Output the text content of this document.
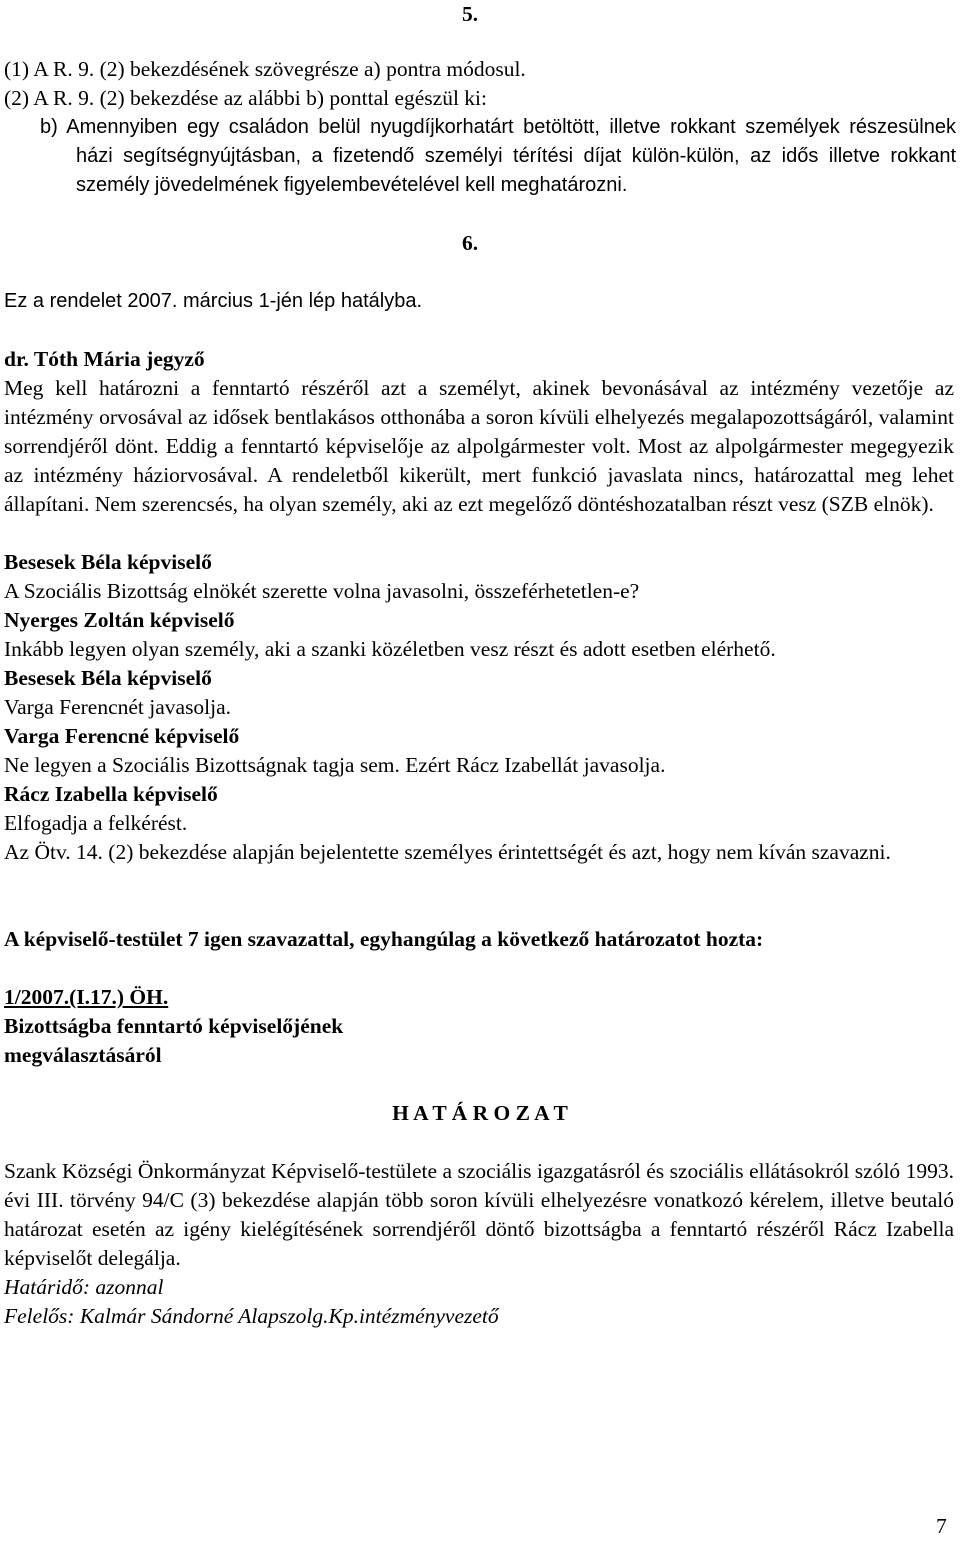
5.
(1) A R. 9. (2) bekezdésének szövegrésze a) pontra módosul.
(2) A R. 9. (2) bekezdése az alábbi b) ponttal egészül ki:
b) Amennyiben egy családon belül nyugdíjkorhatárt betöltött, illetve rokkant személyek részesülnek házi segítségnyújtásban, a fizetendő személyi térítési díjat külön-külön, az idős illetve rokkant személy jövedelmének figyelembevételével kell meghatározni.
6.
Ez a rendelet 2007. március 1-jén lép hatályba.
dr. Tóth Mária jegyző
Meg kell határozni a fenntartó részéről azt a személyt, akinek bevonásával az intézmény vezetője az intézmény orvosával az idősek bentlakásos otthonába a soron kívüli elhelyezés megalapozottságáról, valamint sorrendjéről dönt. Eddig a fenntartó képviselője az alpolgármester volt. Most az alpolgármester megegyezik az intézmény háziorvosával. A rendeletből kikerült, mert funkció javaslata nincs, határozattal meg lehet állapítani. Nem szerencsés, ha olyan személy, aki az ezt megelőző döntéshozatalban részt vesz (SZB elnök).
Besesek Béla képviselő
A Szociális Bizottság elnökét szerette volna javasolni, összeférhetetlen-e?
Nyerges Zoltán képviselő
Inkább legyen olyan személy, aki a szanki közéletben vesz részt és adott esetben elérhető.
Besesek Béla képviselő
Varga Ferencnét javasolja.
Varga Ferencné képviselő
Ne legyen a Szociális Bizottságnak tagja sem. Ezért Rácz Izabellát javasolja.
Rácz Izabella képviselő
Elfogadja a felkérést.
Az Ötv. 14. (2) bekezdése alapján bejelentette személyes érintettségét és azt, hogy nem kíván szavazni.
A képviselő-testület 7 igen szavazattal, egyhangúlag a következő határozatot hozta:
1/2007.(I.17.) ÖH.
Bizottságba fenntartó képviselőjének
megválasztásáról
H A T Á R O Z A T
Szank Községi Önkormányzat Képviselő-testülete a szociális igazgatásról és szociális ellátásokról szóló 1993. évi III. törvény 94/C (3) bekezdése alapján több soron kívüli elhelyezésre vonatkozó kérelem, illetve beutaló határozat esetén az igény kielégítésének sorrendjéről döntő bizottságba a fenntartó részéről Rácz Izabella képviselőt delegálja.
Határidő: azonnal
Felelős: Kalmár Sándorné Alapszolg.Kp.intézményvezető
7
